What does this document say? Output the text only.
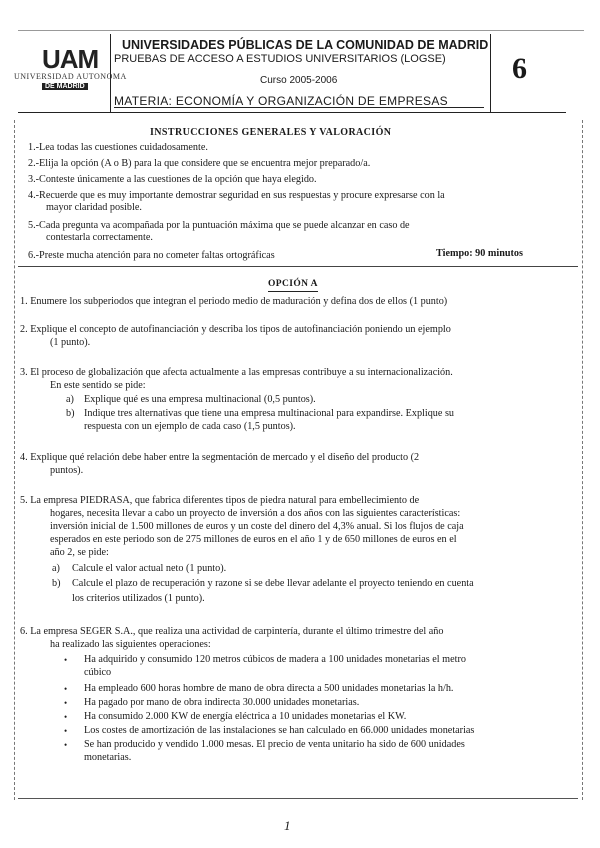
UAM
UNIVERSIDAD AUTONOMA
DE MADRID
UNIVERSIDADES PÚBLICAS DE LA COMUNIDAD DE MADRID
PRUEBAS DE ACCESO A ESTUDIOS UNIVERSITARIOS (LOGSE)
Curso 2005-2006
MATERIA: ECONOMÍA Y ORGANIZACIÓN DE EMPRESAS
6
INSTRUCCIONES GENERALES Y VALORACIÓN
1.-Lea todas las cuestiones cuidadosamente.
2.-Elija la opción (A o B) para la que considere que se encuentra mejor preparado/a.
3.-Conteste únicamente a las cuestiones de la opción que haya elegido.
4.-Recuerde que es muy importante demostrar seguridad en sus respuestas y procure expresarse con la
mayor claridad posible.
5.-Cada pregunta va acompañada por la puntuación máxima que se puede alcanzar en caso de
contestarla correctamente.
6.-Preste mucha atención para no cometer faltas ortográficas	Tiempo: 90 minutos
OPCIÓN A
1. Enumere los subperiodos que integran el periodo medio de maduración y defina dos de ellos (1 punto)
2. Explique el concepto de autofinanciación y describa los tipos de autofinanciación poniendo un ejemplo
(1 punto).
3. El proceso de globalización que afecta actualmente a las empresas contribuye a su internacionalización.
En este sentido se pide:
a) Explique qué es una empresa multinacional (0,5 puntos).
b) Indique tres alternativas que tiene una empresa multinacional para expandirse. Explique su
respuesta con un ejemplo de cada caso (1,5 puntos).
4. Explique qué relación debe haber entre la segmentación de mercado y el diseño del producto (2
puntos).
5. La empresa PIEDRASA, que fabrica diferentes tipos de piedra natural para embellecimiento de
hogares, necesita llevar a cabo un proyecto de inversión a dos años con las siguientes características:
inversión inicial de 1.500 millones de euros y un coste del dinero del 4,3% anual. Si los flujos de caja
esperados en este periodo son de 275 millones de euros en el año 1 y de 650 millones de euros en el
año 2, se pide:
a) Calcule el valor actual neto (1 punto).
b) Calcule el plazo de recuperación y razone si se debe llevar adelante el proyecto teniendo en cuenta
los criterios utilizados (1 punto).
6. La empresa SEGER S.A., que realiza una actividad de carpintería, durante el último trimestre del año
ha realizado las siguientes operaciones:
• Ha adquirido y consumido 120 metros cúbicos de madera a 100 unidades monetarias el metro
cúbico
• Ha empleado 600 horas hombre de mano de obra directa a 500 unidades monetarias la h/h.
• Ha pagado por mano de obra indirecta 30.000 unidades monetarias.
• Ha consumido 2.000 KW de energía eléctrica a 10 unidades monetarias el KW.
• Los costes de amortización de las instalaciones se han calculado en 66.000 unidades monetarias
• Se han producido y vendido 1.000 mesas. El precio de venta unitario ha sido de 600 unidades
monetarias.
1
